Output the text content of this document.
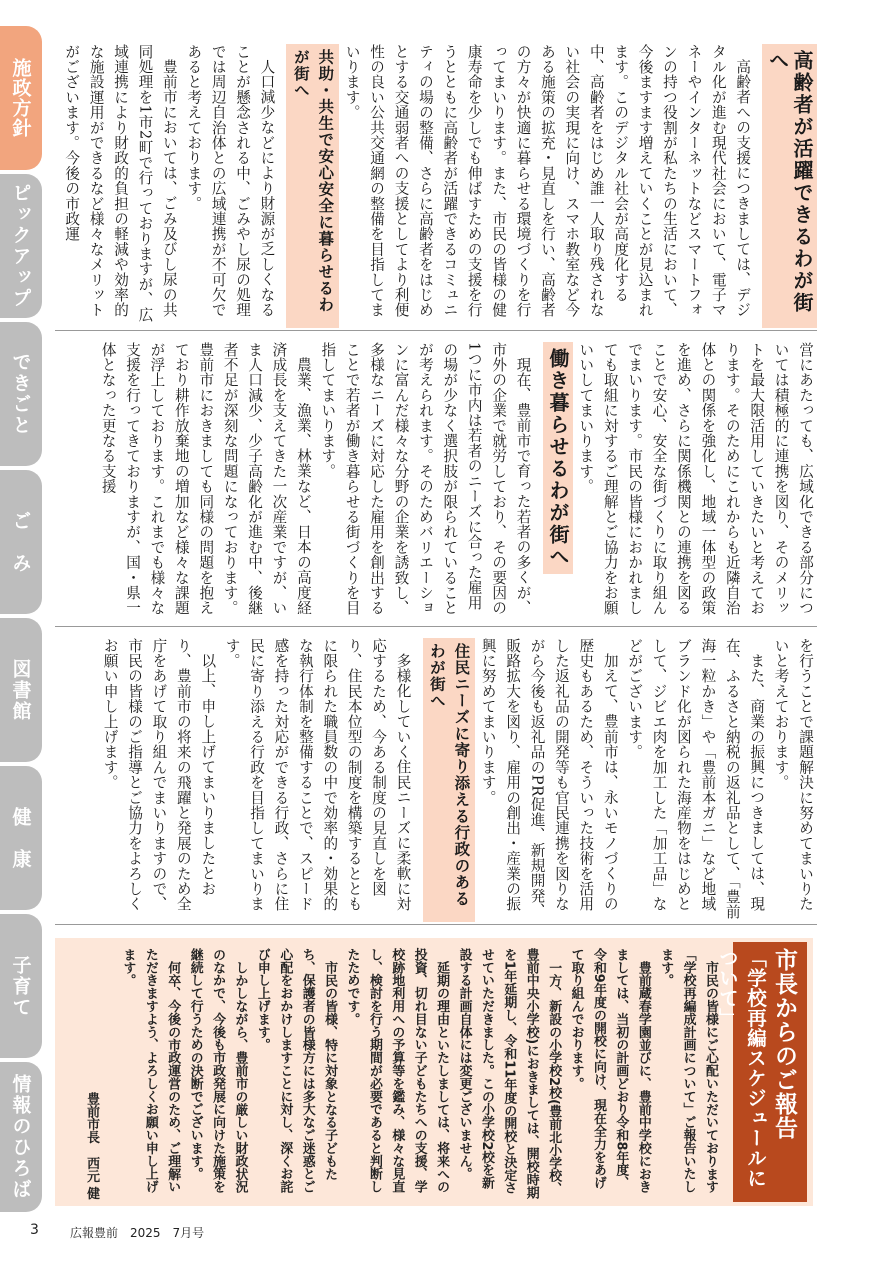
施政方針
ピックアップ
できごと
ご　み
図書館
健　康
子育て
情報のひろば
高齢者が活躍できるわが街へ

高齢者への支援につきましては、デジタル化が進む現代社会において、電子マネーやインターネットなどスマートフォンの持つ役割が私たちの生活において、今後ますます増えていくことが見込まれます。このデジタル社会が高度化する中、高齢者をはじめ誰一人取り残されない社会の実現に向け、スマホ教室など今ある施策の拡充・見直しを行い、高齢者の方々が快適に暮らせる環境づくりを行ってまいります。また、市民の皆様の健康寿命を少しでも伸ばすための支援を行うとともに高齢者が活躍できるコミュニティの場の整備、さらに高齢者をはじめとする交通弱者への支援としてより利便性の良い公共交通網の整備を目指してまいります。

共助・共生で安心安全に暮らせるわが街へ

人口減少などにより財源が乏しくなることが懸念される中、ごみやし尿の処理では周辺自治体との広域連携が不可欠であると考えております。

豊前市においては、ごみ及びし尿の共同処理を1市2町で行っておりますが、広域連携により財政的負担の軽減や効率的な施設運用ができるなど様々なメリットがございます。今後の市政運

営にあたっても、広域化できる部分については積極的に連携を図り、そのメリットを最大限活用していきたいと考えております。そのためにこれからも近隣自治体との関係を強化し、地域一体型の政策を進め、さらに関係機関との連携を図ることで安心、安全な街づくりに取り組んでまいります。市民の皆様におかれましても取組に対するご理解とご協力をお願いいしてまいります。

働き暮らせるわが街へ

現在、豊前市で育った若者の多くが、市外の企業で就労しており、その要因の1つに市内は若者のニーズに合った雇用の場が少なく選択肢が限られていることが考えられます。そのためバリエーションに富んだ様々な分野の企業を誘致し、多様なニーズに対応した雇用を創出することで若者が働き暮らせる街づくりを目指してまいります。

農業、漁業、林業など、日本の高度経済成長を支えてきた一次産業ですが、いま人口減少、少子高齢化が進む中、後継者不足が深刻な問題になっております。豊前市におきましても同様の問題を抱えており耕作放棄地の増加など様々な課題が浮上しております。これまでも様々な支援を行ってきておりますが、国・県一体となった更なる支援

を行うことで課題解決に努めてまいりたいと考えております。

また、商業の振興につきましては、現在、ふるさと納税の返礼品として、「豊前海一粒かき」や「豊前本ガニ」など地域ブランド化が図られた海産物をはじめとして、ジビエ肉を加工した「加工品」などがございます。

加えて、豊前市は、永いモノづくりの歴史もあるため、そういった技術を活用した返礼品の開発等も官民連携を図りながら今後も返礼品のPR促進、新規開発、販路拡大を図り、雇用の創出・産業の振興に努めてまいります。

住民ニーズに寄り添える行政のあるわが街へ

多様化していく住民ニーズに柔軟に対応するため、今ある制度の見直しを図り、住民本位型の制度を構築するとともに限られた職員数の中で効率的・効果的な執行体制を整備することで、スピード感を持った対応ができる行政、さらに住民に寄り添える行政を目指してまいります。

以上、申し上げてまいりましたとおり、豊前市の将来の飛躍と発展のため全庁をあげて取り組んでまいりますので、市民の皆様のご指導とご協力をよろしくお願い申し上げます。

市長からのご報告
「学校再編スケジュールについて」

市民の皆様にご心配いただいております「学校再編成計画について」ご報告いたします。

豊前蔵春学園並びに、豊前中学校におきましては、当初の計画どおり令和8年度、令和9年度の開校に向け、現在全力をあげて取り組んでおります。

一方、新設の小学校2校(豊前北小学校、豊前中央小学校)におきましては、開校時期を1年延期し、令和11年度の開校と決定させていただきました。この小学校2校を新設する計画自体には変更ございません。

延期の理由といたしましては、将来への投資、切れ目ない子どもたちへの支援、学校跡地利用への予算等を鑑み、様々な見直し、検討を行う期間が必要であると判断したためです。

市民の皆様、特に対象となる子どもたち、保護者の皆様方には多大なご迷惑とご心配をおかけしますことに対し、深くお詫び申し上げます。

しかしながら、豊前市の厳しい財政状況のなかで、今後も市政発展に向けた施策を継続して行うための決断でございます。

何卒、今後の市政運営のため、ご理解いただきますよう、よろしくお願い申し上げます。

豊前市長　西元 健

3	広報豊前　2025　7月号
